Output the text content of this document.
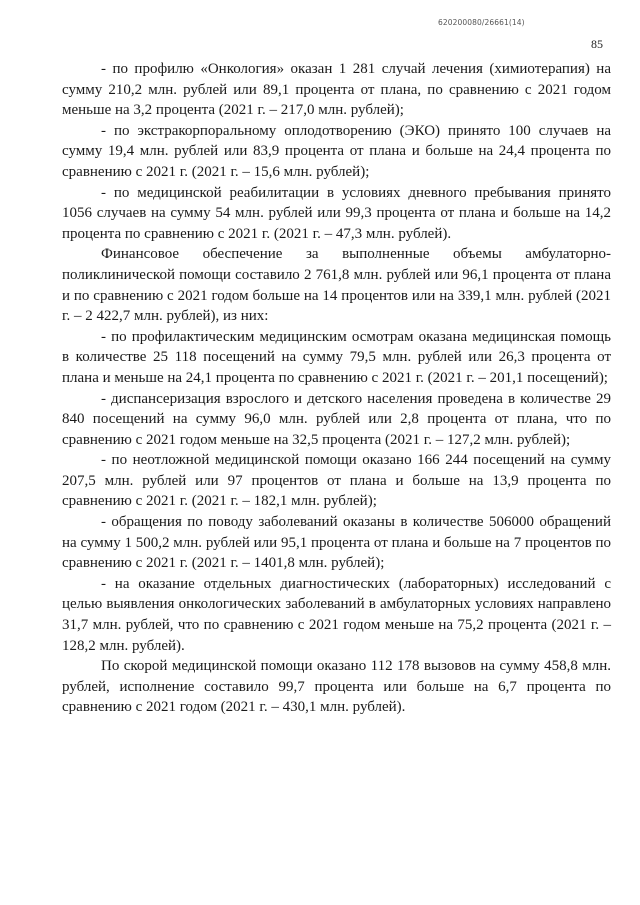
620200080/26661(14)
85

- по профилю «Онкология» оказан 1 281 случай лечения (химиотерапия) на сумму 210,2 млн. рублей или 89,1 процента от плана, по сравнению с 2021 годом меньше на 3,2 процента (2021 г. – 217,0 млн. рублей);

- по экстракорпоральному оплодотворению (ЭКО) принято 100 случаев на сумму 19,4 млн. рублей или 83,9 процента от плана и больше на 24,4 процента по сравнению с 2021 г. (2021 г. – 15,6 млн. рублей);

- по медицинской реабилитации в условиях дневного пребывания принято 1056 случаев на сумму 54 млн. рублей или 99,3 процента от плана и больше на 14,2 процента по сравнению с 2021 г. (2021 г. – 47,3 млн. рублей).

Финансовое обеспечение за выполненные объемы амбулаторно-поликлинической помощи составило 2 761,8 млн. рублей или 96,1 процента от плана и по сравнению с 2021 годом больше на 14 процентов или на 339,1 млн. рублей (2021 г. – 2 422,7 млн. рублей), из них:

- по профилактическим медицинским осмотрам оказана медицинская помощь в количестве 25 118 посещений на сумму 79,5 млн. рублей или 26,3 процента от плана и меньше на 24,1 процента по сравнению с 2021 г. (2021 г. – 201,1 посещений);

- диспансеризация взрослого и детского населения проведена в количестве 29 840 посещений на сумму 96,0 млн. рублей или 2,8 процента от плана, что по сравнению с 2021 годом меньше на 32,5 процента (2021 г. – 127,2 млн. рублей);

- по неотложной медицинской помощи оказано 166 244 посещений на сумму 207,5 млн. рублей или 97 процентов от плана и больше на 13,9 процента по сравнению с 2021 г. (2021 г. – 182,1 млн. рублей);

- обращения по поводу заболеваний оказаны в количестве 506000 обращений на сумму 1 500,2 млн. рублей или 95,1 процента от плана и больше на 7 процентов по сравнению с 2021 г. (2021 г. – 1401,8 млн. рублей);

- на оказание отдельных диагностических (лабораторных) исследований с целью выявления онкологических заболеваний в амбулаторных условиях направлено 31,7 млн. рублей, что по сравнению с 2021 годом меньше на 75,2 процента (2021 г. – 128,2 млн. рублей).

По скорой медицинской помощи оказано 112 178 вызовов на сумму 458,8 млн. рублей, исполнение составило 99,7 процента или больше на 6,7 процента по сравнению с 2021 годом (2021 г. – 430,1 млн. рублей).
